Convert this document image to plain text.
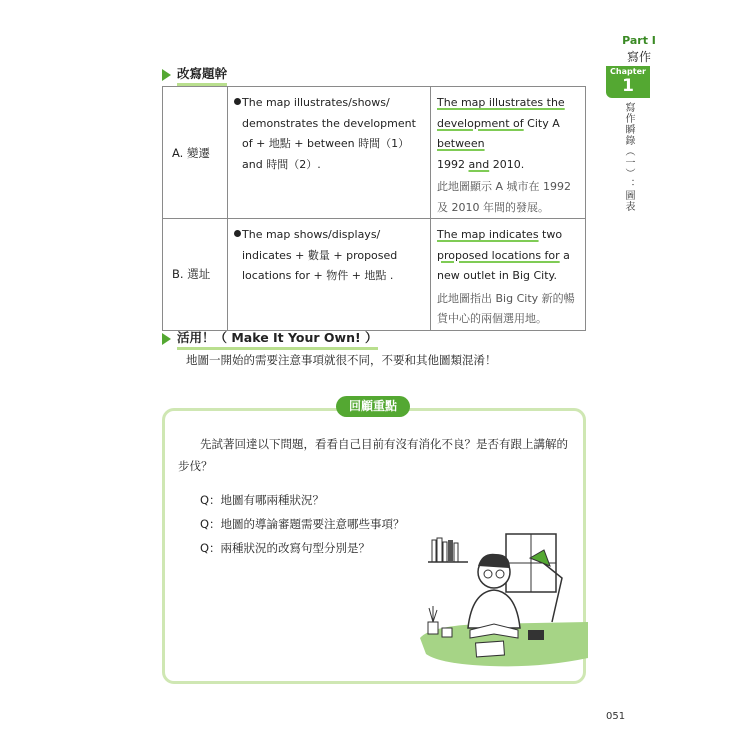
Part I
寫作
Chapter
1
寫作瞬錄（一）：圖表
改寫題幹
A. 變遷	The map illustrates/shows/ demonstrates the development of + 地點 + between 時間（1） and 時間（2）.	The map illustrates the
development of City A between
1992 and 2010.
此地圖顯示 A 城市在 1992 及 2010 年間的發展。

B. 選址	The map shows/displays/ indicates + 數量 + proposed locations for + 物件 + 地點 .	The map indicates two
proposed locations for a new outlet in Big City.
此地圖指出 Big City 新的暢貨中心的兩個選用地。
活用！（ Make It Your Own! ）
地圖一開始的需要注意事項就很不同，不要和其他圖類混淆！
回顧重點
先試著回達以下問題，看看自己目前有沒有消化不良？是否有跟上講解的步伐？
Q：地圖有哪兩種狀況？
Q：地圖的導論審題需要注意哪些事項？
Q：兩種狀況的改寫句型分別是？
051
